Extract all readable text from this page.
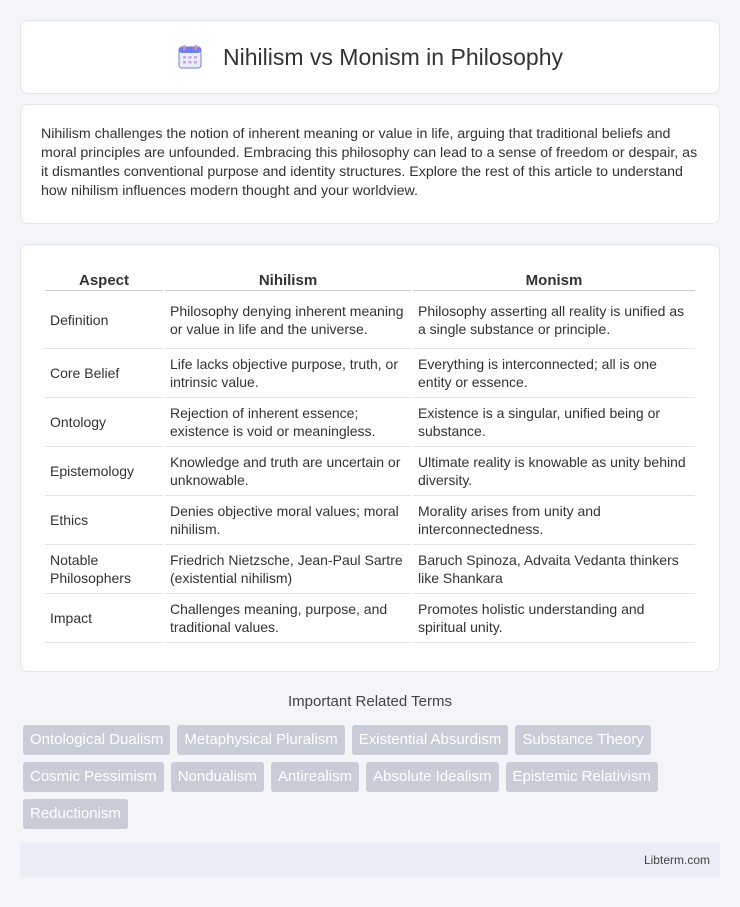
Nihilism vs Monism in Philosophy

Nihilism challenges the notion of inherent meaning or value in life, arguing that traditional beliefs and moral principles are unfounded. Embracing this philosophy can lead to a sense of freedom or despair, as it dismantles conventional purpose and identity structures. Explore the rest of this article to understand how nihilism influences modern thought and your worldview.

Aspect	Nihilism	Monism
Definition	Philosophy denying inherent meaning or value in life and the universe.	Philosophy asserting all reality is unified as a single substance or principle.
Core Belief	Life lacks objective purpose, truth, or intrinsic value.	Everything is interconnected; all is one entity or essence.
Ontology	Rejection of inherent essence; existence is void or meaningless.	Existence is a singular, unified being or substance.
Epistemology	Knowledge and truth are uncertain or unknowable.	Ultimate reality is knowable as unity behind diversity.
Ethics	Denies objective moral values; moral nihilism.	Morality arises from unity and interconnectedness.
Notable Philosophers	Friedrich Nietzsche, Jean-Paul Sartre (existential nihilism)	Baruch Spinoza, Advaita Vedanta thinkers like Shankara
Impact	Challenges meaning, purpose, and traditional values.	Promotes holistic understanding and spiritual unity.
Important Related Terms
Ontological Dualism	Metaphysical Pluralism	Existential Absurdism	Substance Theory
Cosmic Pessimism	Nondualism	Antirealism	Absolute Idealism	Epistemic Relativism
Reductionism
Libterm.com
